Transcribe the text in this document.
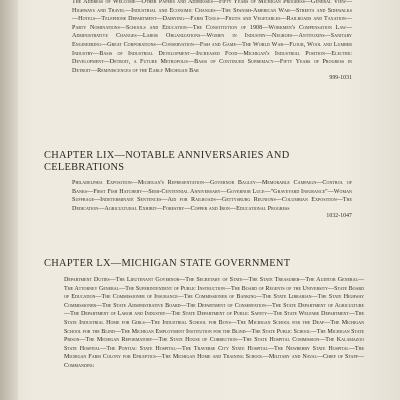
The Address of Welcome—Other Papers and Addresses—Fifty Years of Michigan Progress—General View—Highways and Travel—Industrial and Economic Changes—The Spanish-American War—Streets and Sidewalks—Hotels—Telephone Department—Dairying—Farm Tools—Fruits and Vegetables—Railroads and Taxation—Party Nominations—Schools and Education—The Constitution of 1908—Workmen's Compensation Law—Administrative Changes—Labor Organizations—Women in Industry—Negroes—Antitoxins—Sanitary Engineering—Great Corporations—Conservation—Fish and Game—The World War—Flour, Wool and Lumber Industry—Basis of Industrial Development—Increased Food—Michigan's Industrial Position—Electric Development—Detroit, a Future Metropolis—Basis of Continued Supremacy—Fifty Years of Progress in Detroit—Reminiscences of the Early Michigan Bar
999-1031

CHAPTER LIX—NOTABLE ANNIVERSARIES AND CELEBRATIONS

Philadelphia Exposition—Michigan's Representation—Governor Bagley—Memorable Campaign—Control of Banks—First Fish Hatchery—Semi-Centennial Anniversary—Governor Luce—"Graveyard Insurance"—Woman Suffrage—Indeterminate Sentences—Aid for Railroads—Gettysburg Reunions—Columbian Exposition—The Dedication—Agricultural Exhibit—Forestry—Copper and Iron—Educational Progress
1032-1047

CHAPTER LX—MICHIGAN STATE GOVERNMENT

Department Duties—The Lieutenant Governor—The Secretary of State—The State Treasurer—The Auditor General—The Attorney General—The Superintendent of Public Instruction—The Board of Regents of the University—State Board of Education—The Commissioner of Insurance—The Commissioner of Banking—The State Librarian—The State Highway Commissioner—The State Administrative Board—The Department of Conservation—The State Department of Agriculture—The Department of Labor and Industry—The State Department of Public Safety—The State Welfare Department—The State Industrial Home for Girls—The Industrial School for Boys—The Michigan School for the Deaf—The Michigan School for the Blind—The Michigan Employment Institution for the Blind—The State Public School—The Michigan State Prison—The Michigan Reformatory—The State House of Correction—The State Hospital Commission—The Kalamazoo State Hospital—The Pontiac State Hospital—The Traverse City State Hospital—The Newberry State Hospital—The Michigan Farm Colony for Epileptics—The Michigan Home and Training School—Military and Naval—Chief of Staff—Commanding
